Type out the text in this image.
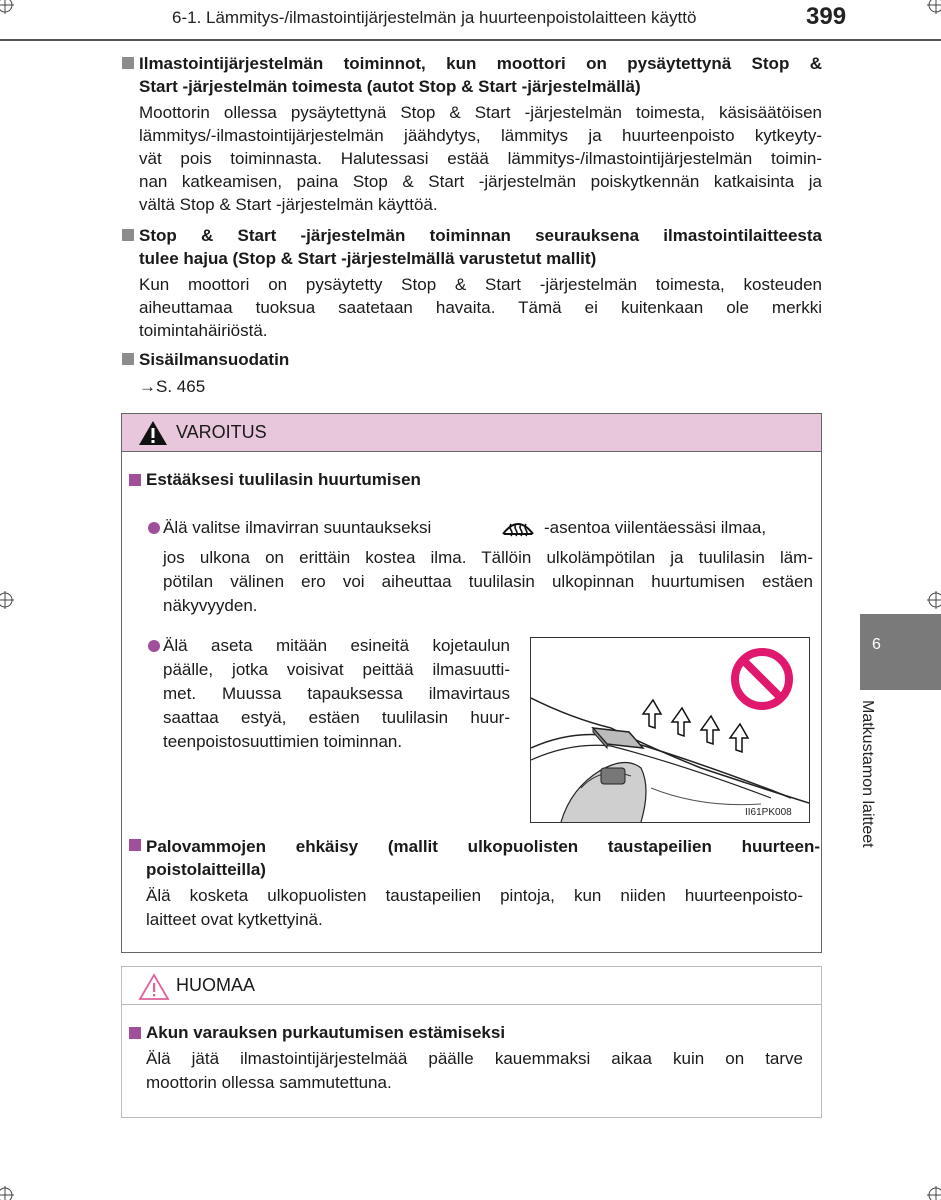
6-1. Lämmitys-/ilmastointijärjestelmän ja huurteenpoistolaitteen käyttö	399
Ilmastointijärjestelmän toiminnot, kun moottori on pysäytettynä Stop &
Start -järjestelmän toimesta (autot Stop & Start -järjestelmällä)
Moottorin ollessa pysäytettynä Stop & Start -järjestelmän toimesta, käsisäätöisen
lämmitys/-ilmastointijärjestelmän jäähdytys, lämmitys ja huurteenpoisto kytkeyty-
vät pois toiminnasta. Halutessasi estää lämmitys-/ilmastointijärjestelmän toimin-
nan katkeamisen, paina Stop & Start -järjestelmän poiskytkennän katkaisinta ja
vältä Stop & Start -järjestelmän käyttöä.
Stop & Start -järjestelmän toiminnan seurauksena ilmastointilaitteesta
tulee hajua (Stop & Start -järjestelmällä varustetut mallit)
Kun moottori on pysäytetty Stop & Start -järjestelmän toimesta, kosteuden
aiheuttamaa tuoksua saatetaan havaita. Tämä ei kuitenkaan ole merkki
toimintahäiriöstä.
Sisäilmansuodatin
→S. 465
VAROITUS
Estääksesi tuulilasin huurtumisen
Älä valitse ilmavirran suuntaukseksi	-asentoa viilentäessäsi ilmaa,
jos ulkona on erittäin kostea ilma. Tällöin ulkolämpötilan ja tuulilasin läm-
pötilan välinen ero voi aiheuttaa tuulilasin ulkopinnan huurtumisen estäen
näkyvyyden.
Älä aseta mitään esineitä kojetaulun
päälle, jotka voisivat peittää ilmasuutti-
met. Muussa tapauksessa ilmavirtaus
saattaa estyä, estäen tuulilasin huur-
teenpoistosuuttimien toiminnan.
II61PK008
Palovammojen ehkäisy (mallit ulkopuolisten taustapeilien huurteen-
poistolaitteilla)
Älä kosketa ulkopuolisten taustapeilien pintoja, kun niiden huurteenpoisto-
laitteet ovat kytkettyinä.
HUOMAA
Akun varauksen purkautumisen estämiseksi
Älä jätä ilmastointijärjestelmää päälle kauemmaksi aikaa kuin on tarve
moottorin ollessa sammutettuna.
6
Matkustamon laitteet
